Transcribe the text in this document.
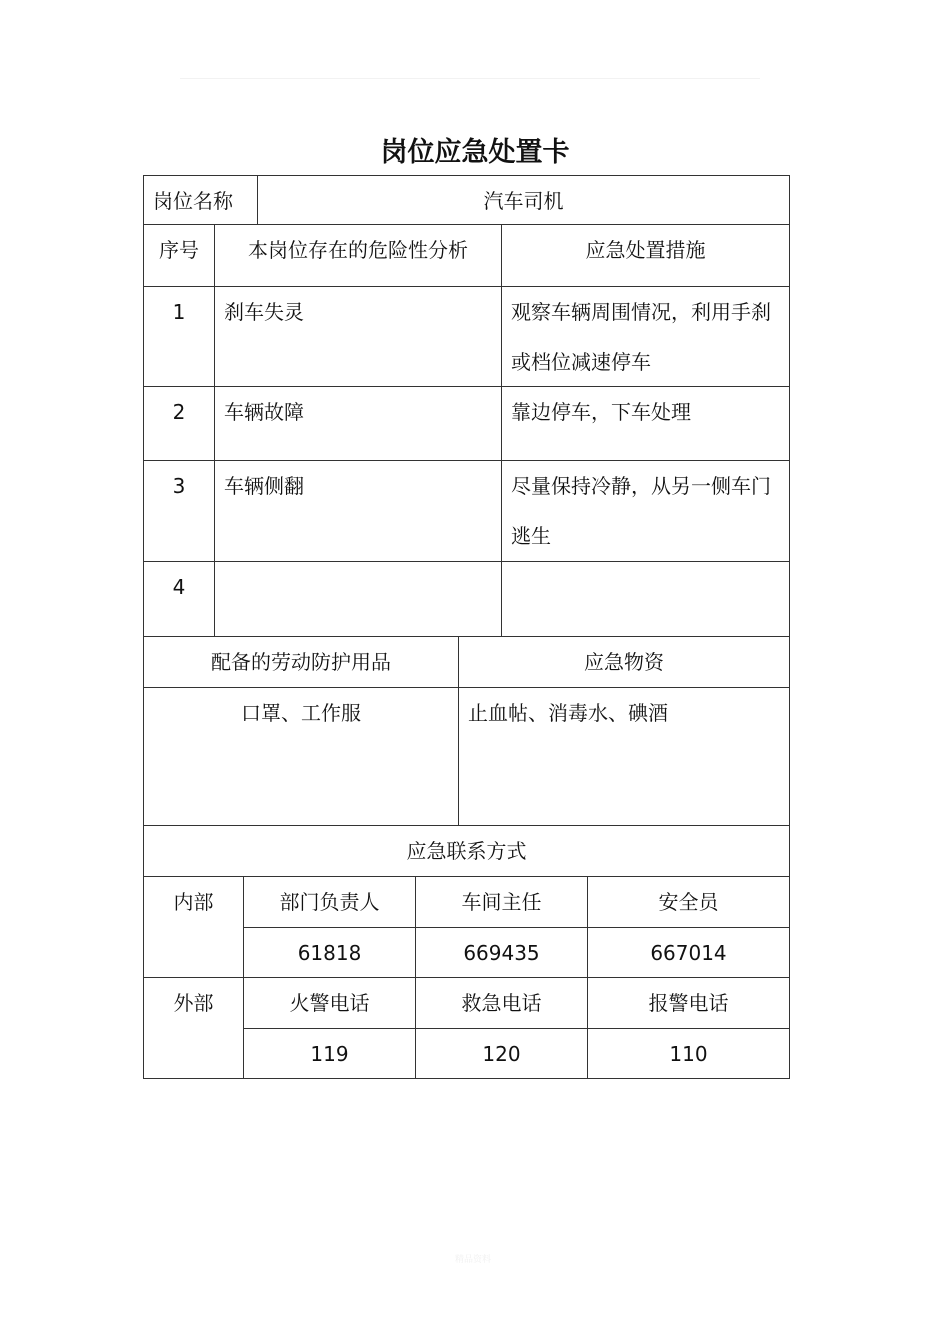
岗位应急处置卡
岗位名称	汽车司机
序号	本岗位存在的危险性分析	应急处置措施
1	刹车失灵	观察车辆周围情况，利用手刹或档位减速停车
2	车辆故障	靠边停车，下车处理
3	车辆侧翻	尽量保持冷静，从另一侧车门逃生
4
配备的劳动防护用品	应急物资
口罩、工作服	止血帖、消毒水、碘酒
应急联系方式
内部	部门负责人	车间主任	安全员
61818	669435	667014
外部	火警电话	救急电话	报警电话
119	120	110
精品资料
